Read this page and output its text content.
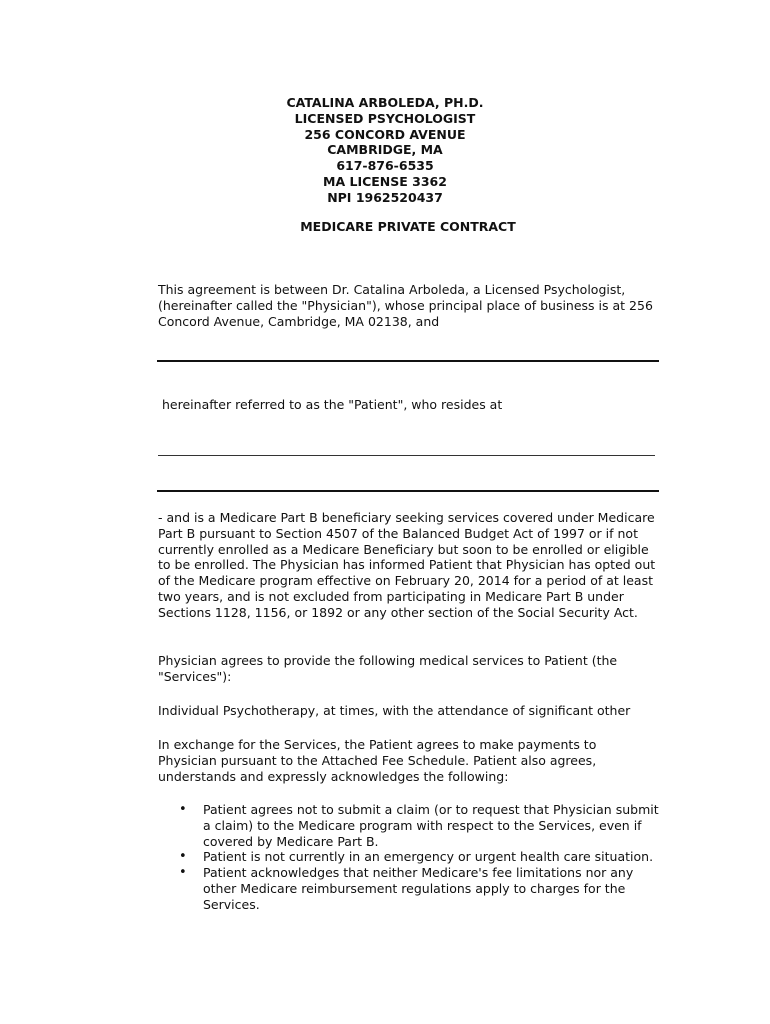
CATALINA ARBOLEDA, PH.D.
LICENSED PSYCHOLOGIST
256 CONCORD AVENUE
CAMBRIDGE, MA
617-876-6535
MA LICENSE 3362
NPI 1962520437
MEDICARE PRIVATE CONTRACT

This agreement is between Dr. Catalina Arboleda, a Licensed Psychologist, (hereinafter called the "Physician"), whose principal place of business is at 256 Concord Avenue, Cambridge, MA 02138, and

hereinafter referred to as the "Patient", who resides at

- and is a Medicare Part B beneficiary seeking services covered under Medicare Part B pursuant to Section 4507 of the Balanced Budget Act of 1997 or if not currently enrolled as a Medicare Beneficiary but soon to be enrolled or eligible to be enrolled. The Physician has informed Patient that Physician has opted out of the Medicare program effective on February 20, 2014 for a period of at least two years, and is not excluded from participating in Medicare Part B under Sections 1128, 1156, or 1892 or any other section of the Social Security Act.

Physician agrees to provide the following medical services to Patient (the "Services"):

Individual Psychotherapy, at times, with the attendance of significant other

In exchange for the Services, the Patient agrees to make payments to Physician pursuant to the Attached Fee Schedule. Patient also agrees, understands and expressly acknowledges the following:

• Patient agrees not to submit a claim (or to request that Physician submit a claim) to the Medicare program with respect to the Services, even if covered by Medicare Part B.
• Patient is not currently in an emergency or urgent health care situation.
• Patient acknowledges that neither Medicare's fee limitations nor any other Medicare reimbursement regulations apply to charges for the Services.
